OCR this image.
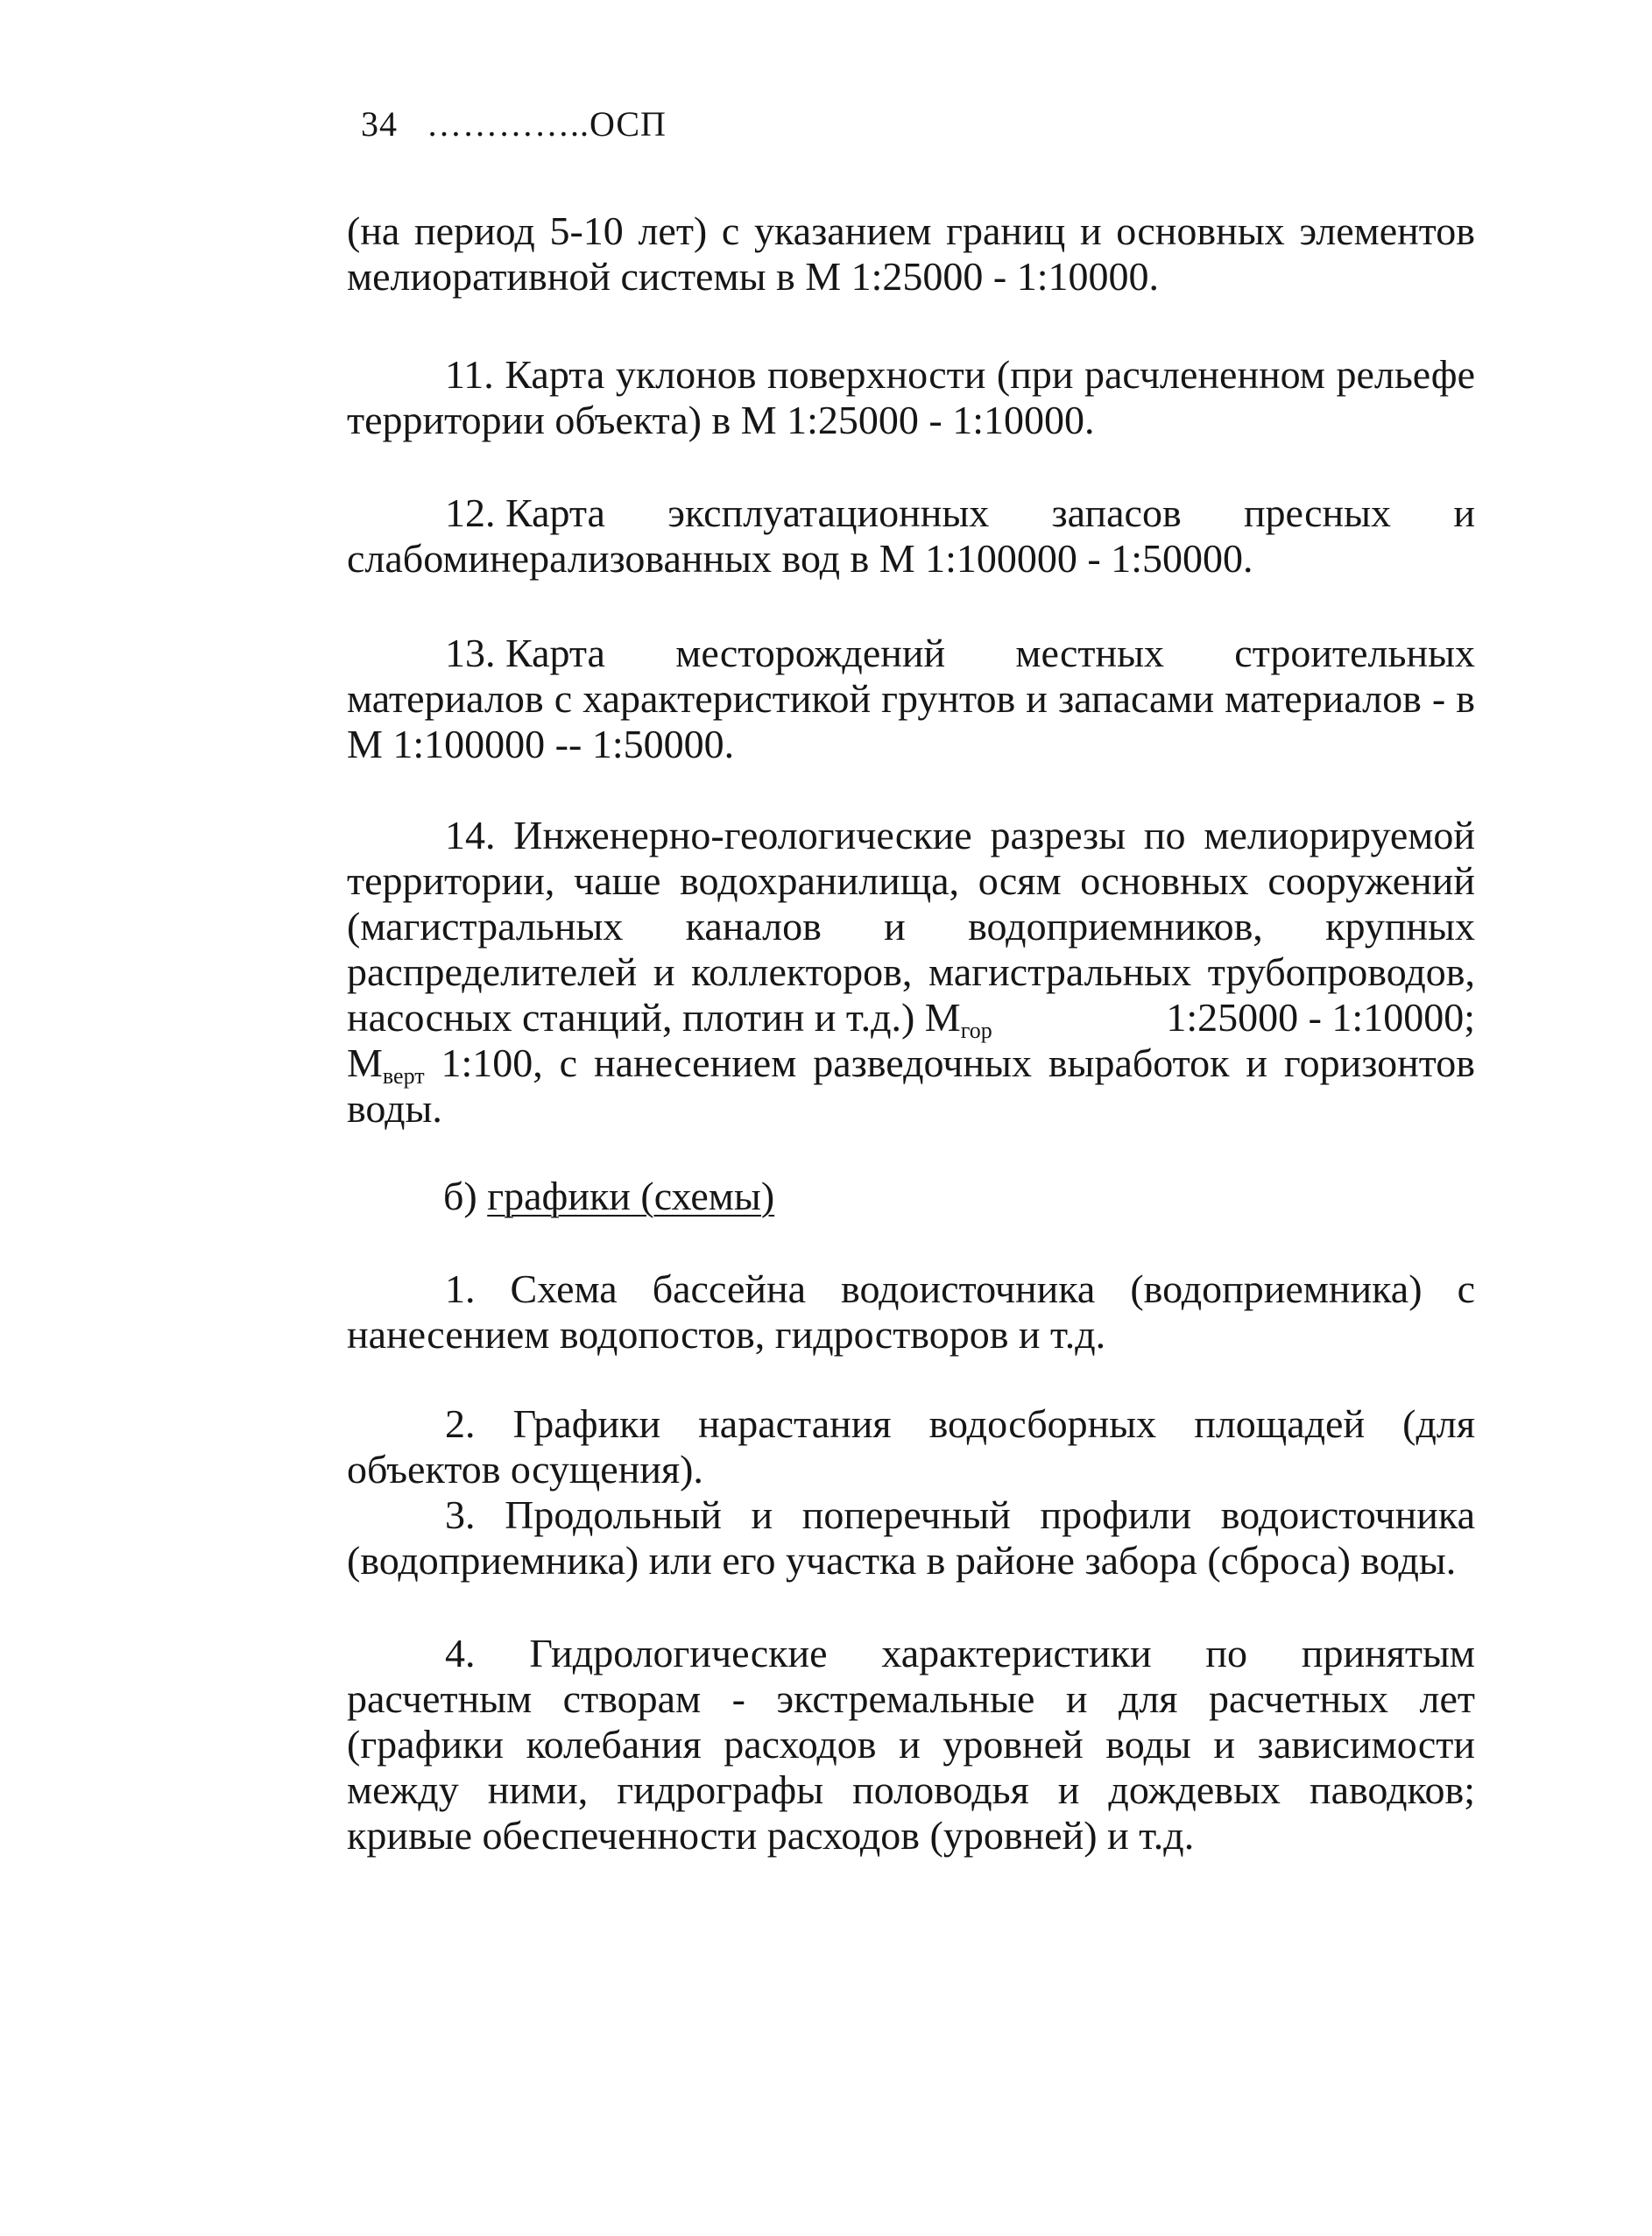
34 …………..ОСП
(на период 5-10 лет) с указанием границ и основных элементов
мелиоративной системы в М 1:25000 - 1:10000.
11. Карта уклонов поверхности (при расчлененном рельефе
территории объекта) в М 1:25000 - 1:10000.
12. Карта эксплуатационных запасов пресных и
слабоминерализованных вод в М 1:100000 - 1:50000.
13. Карта месторождений местных строительных
материалов с характеристикой грунтов и запасами материалов - в
М 1:100000 -- 1:50000.
14. Инженерно-геологические разрезы по мелиорируемой
территории, чаше водохранилища, осям основных сооружений
(магистральных каналов и водоприемников, крупных
распределителей и коллекторов, магистральных трубопроводов,
насосных станций, плотин и т.д.) $М_{гор}$	1:25000 - 1:10000;
$М_{верт}$ 1:100, с нанесением разведочных выработок и горизонтов
воды.
б) графики (схемы)
1. Схема бассейна водоисточника (водоприемника) с
нанесением водопостов, гидростворов и т.д.
2. Графики нарастания водосборных площадей (для
объектов осущения).
3. Продольный и поперечный профили водоисточника
(водоприемника) или его участка в районе забора (сброса) воды.
4. Гидрологические характеристики по принятым
расчетным створам - экстремальные и для расчетных лет
(графики колебания расходов и уровней воды и зависимости
между ними, гидрографы половодья и дождевых паводков;
кривые обеспеченности расходов (уровней) и т.д.
